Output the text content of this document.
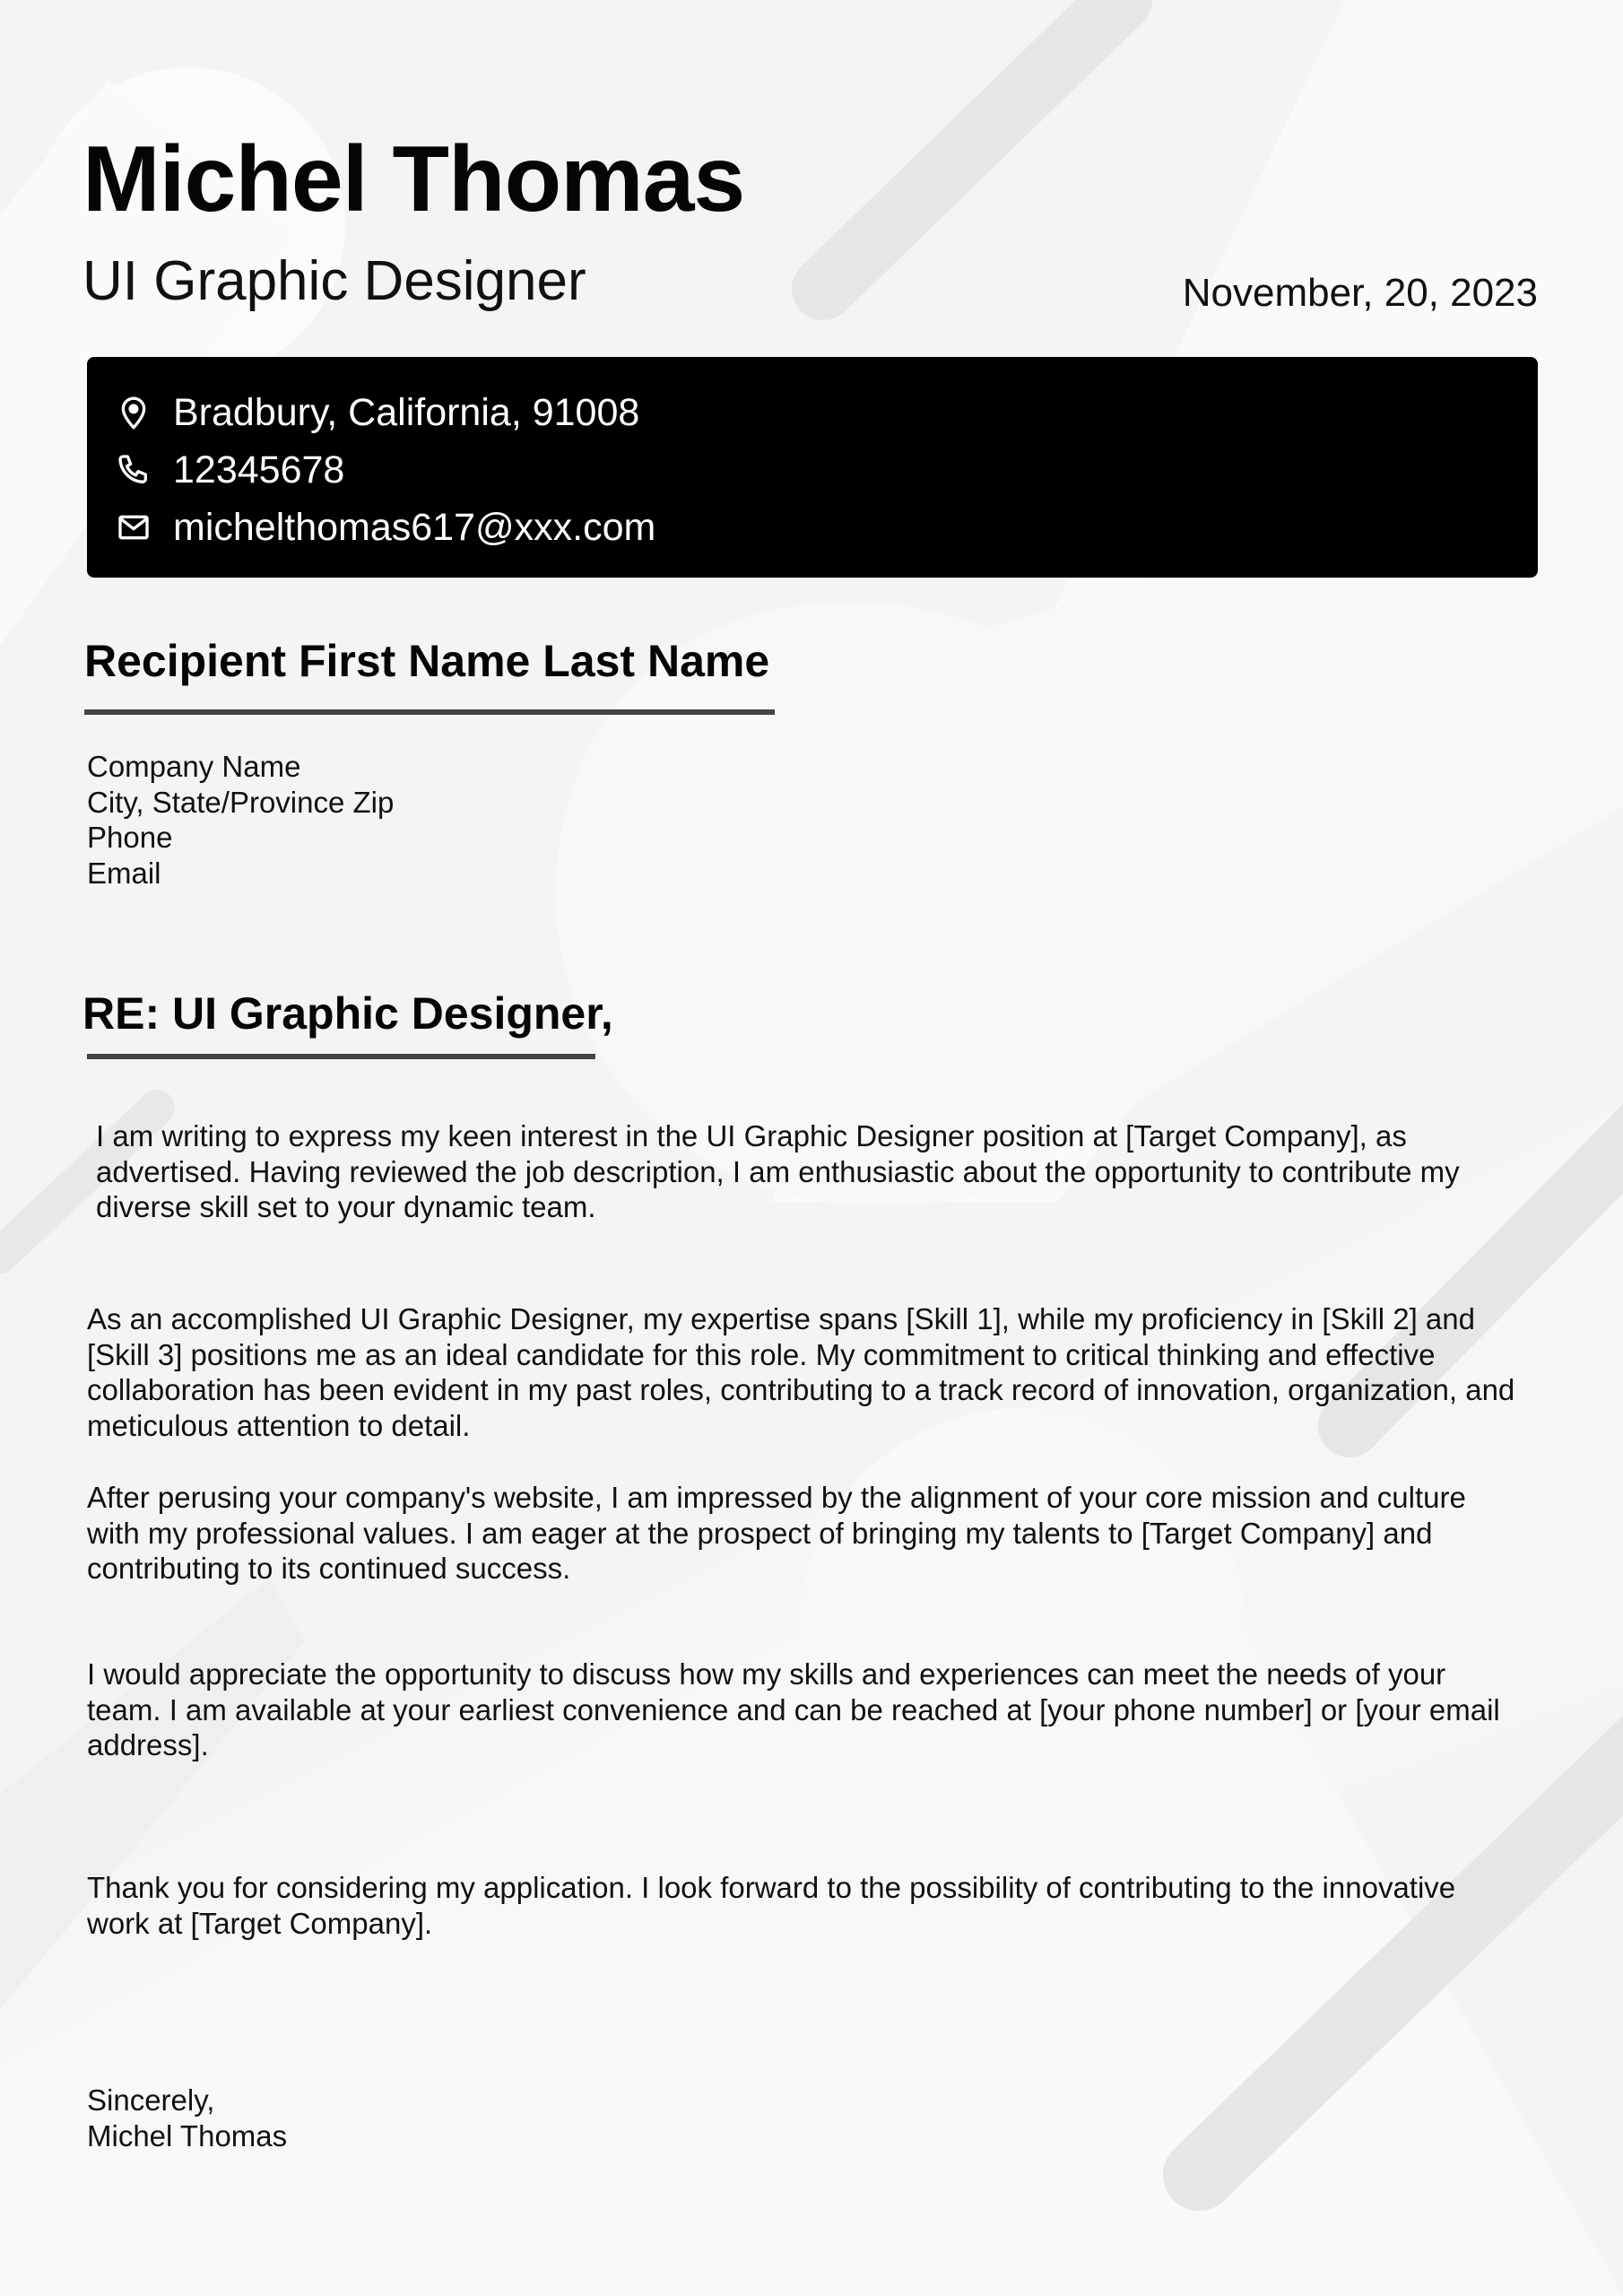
Michel Thomas
UI Graphic Designer	November, 20, 2023
Bradbury, California, 91008
12345678
michelthomas617@xxx.com
Recipient First Name Last Name
Company Name
City, State/Province Zip
Phone
Email
RE: UI Graphic Designer,
I am writing to express my keen interest in the UI Graphic Designer position at [Target Company], as advertised. Having reviewed the job description, I am enthusiastic about the opportunity to contribute my diverse skill set to your dynamic team.
As an accomplished UI Graphic Designer, my expertise spans [Skill 1], while my proficiency in [Skill 2] and [Skill 3] positions me as an ideal candidate for this role. My commitment to critical thinking and effective collaboration has been evident in my past roles, contributing to a track record of innovation, organization, and meticulous attention to detail.
After perusing your company's website, I am impressed by the alignment of your core mission and culture with my professional values. I am eager at the prospect of bringing my talents to [Target Company] and contributing to its continued success.
I would appreciate the opportunity to discuss how my skills and experiences can meet the needs of your team. I am available at your earliest convenience and can be reached at [your phone number] or [your email address].
Thank you for considering my application. I look forward to the possibility of contributing to the innovative work at [Target Company].
Sincerely,
Michel Thomas
